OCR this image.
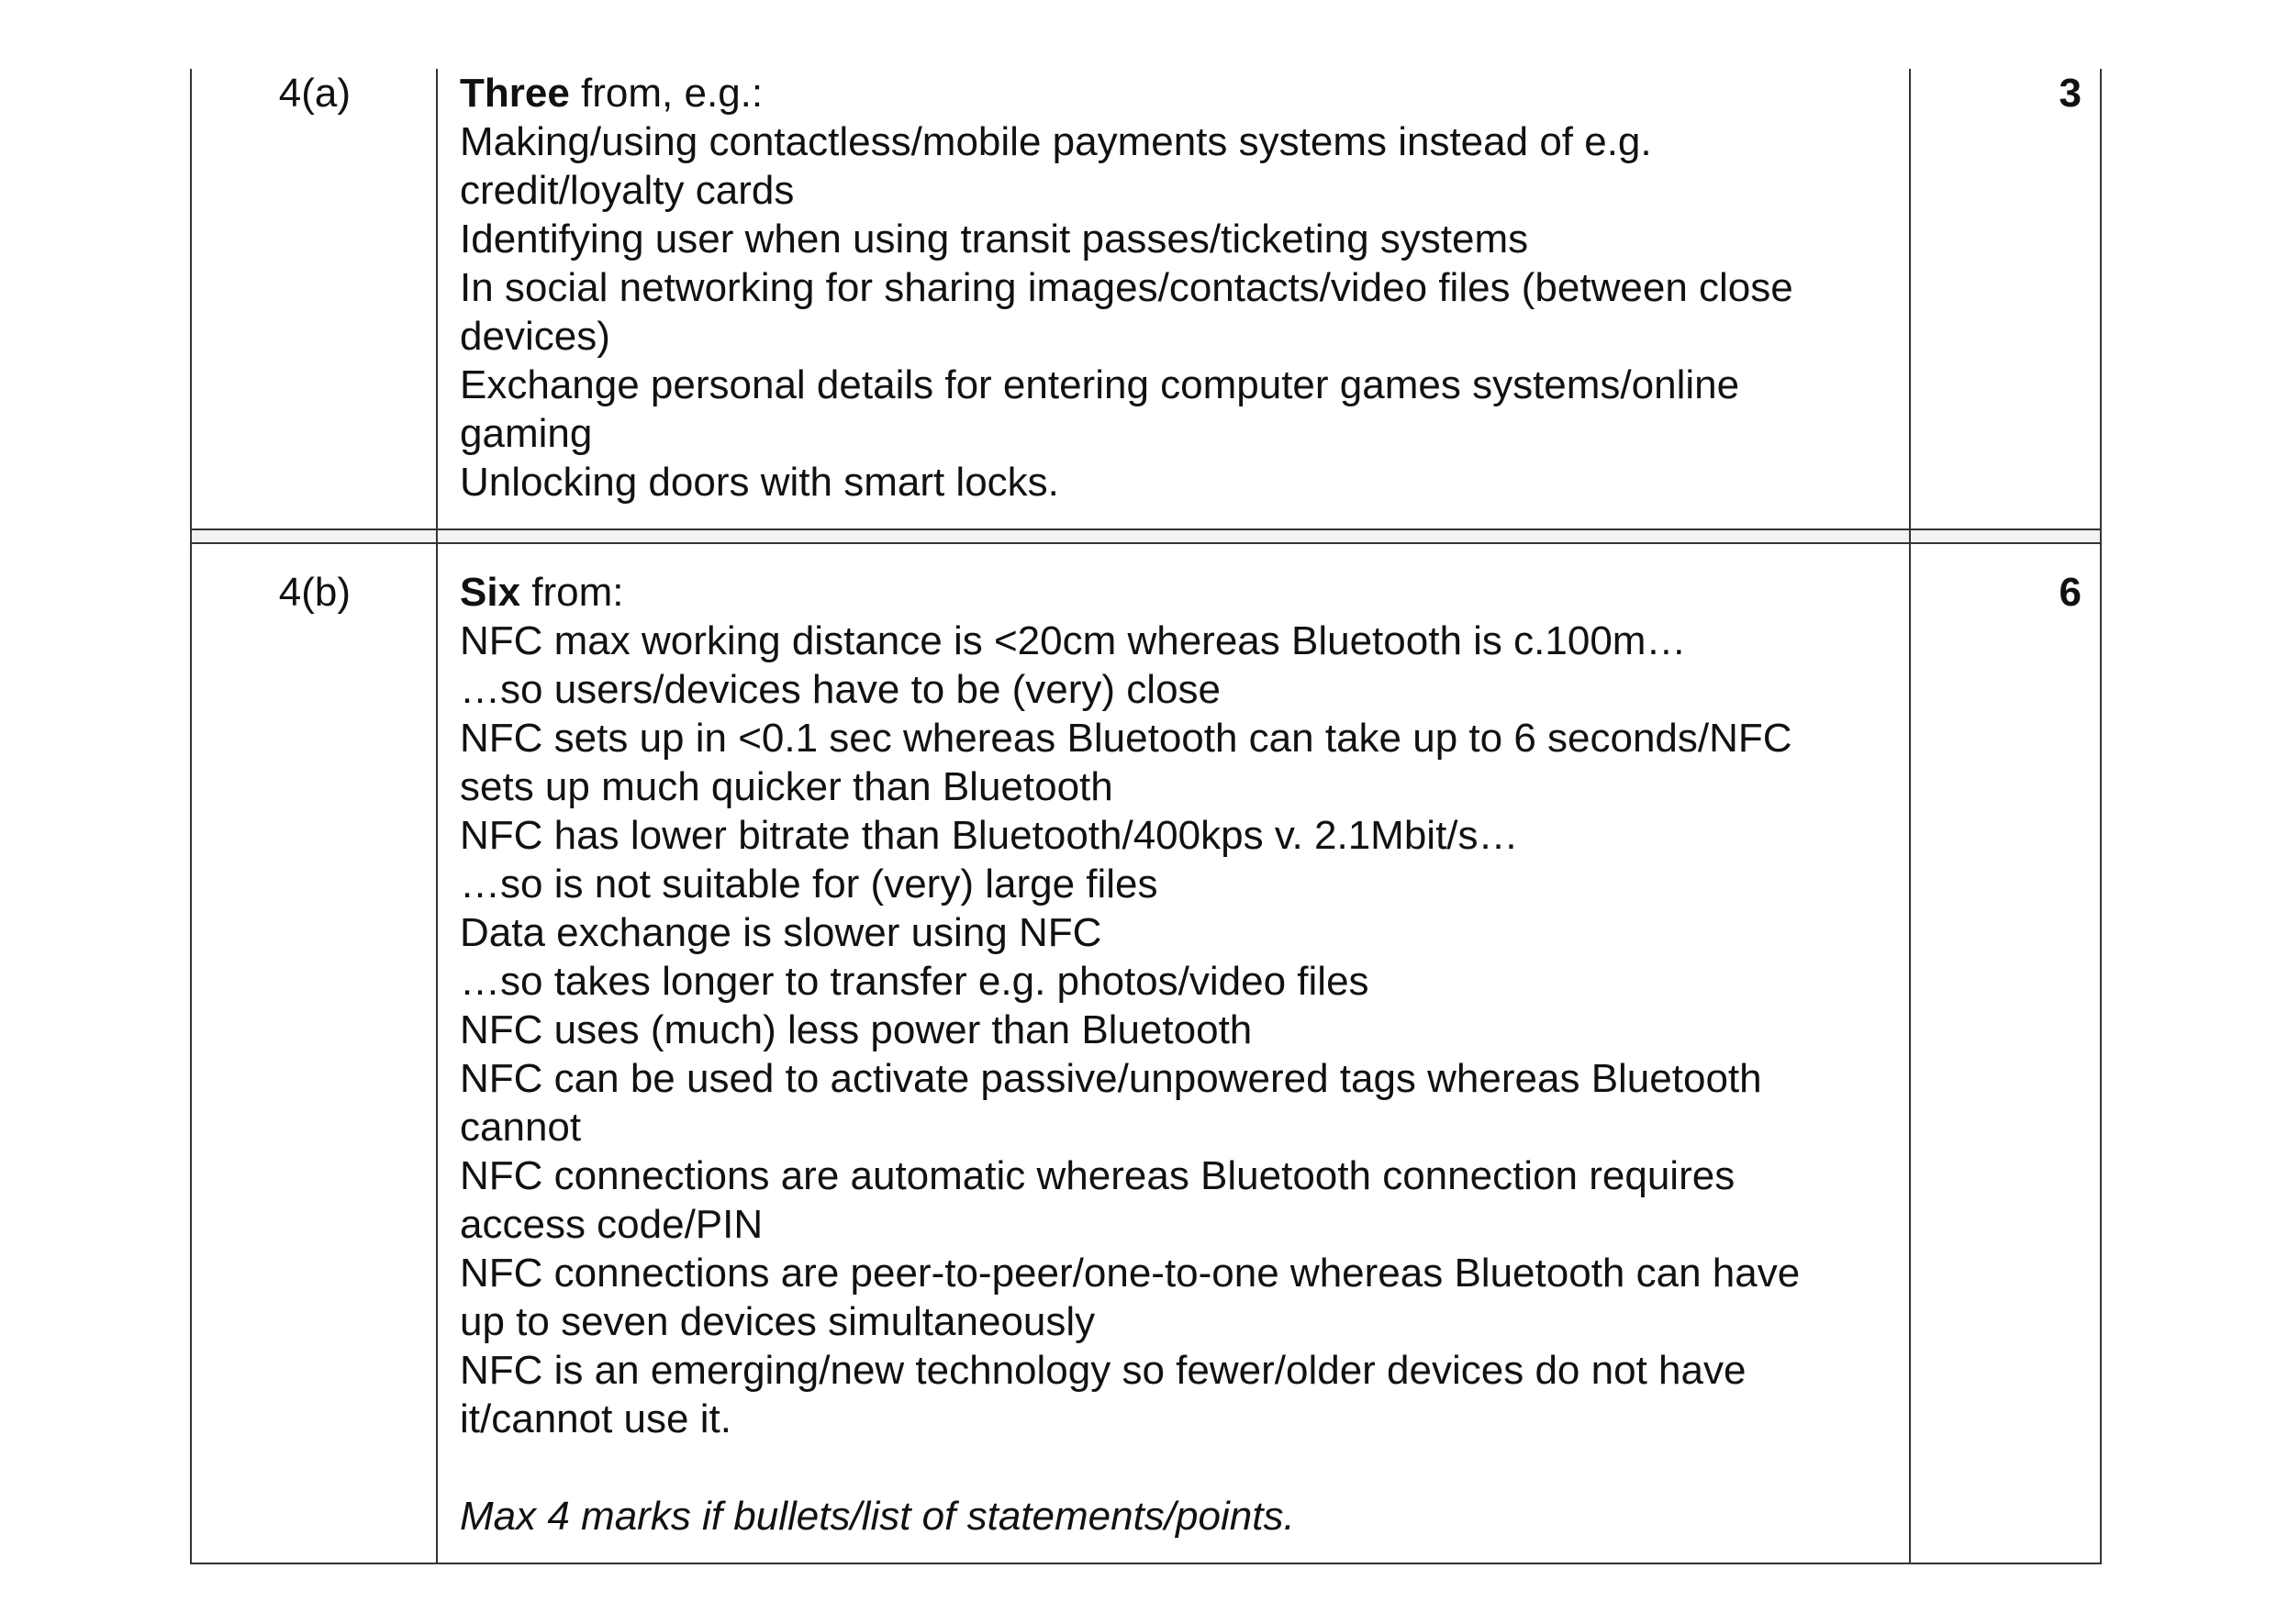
4(a)	Three from, e.g.:
Making/using contactless/mobile payments systems instead of e.g.
credit/loyalty cards
Identifying user when using transit passes/ticketing systems
In social networking for sharing images/contacts/video files (between close
devices)
Exchange personal details for entering computer games systems/online
gaming
Unlocking doors with smart locks.
3
4(b)	Six from:
NFC max working distance is <20cm whereas Bluetooth is c.100m…
…so users/devices have to be (very) close
NFC sets up in <0.1 sec whereas Bluetooth can take up to 6 seconds/NFC
sets up much quicker than Bluetooth
NFC has lower bitrate than Bluetooth/400kps v. 2.1Mbit/s…
…so is not suitable for (very) large files
Data exchange is slower using NFC
…so takes longer to transfer e.g. photos/video files
NFC uses (much) less power than Bluetooth
NFC can be used to activate passive/unpowered tags whereas Bluetooth
cannot
NFC connections are automatic whereas Bluetooth connection requires
access code/PIN
NFC connections are peer-to-peer/one-to-one whereas Bluetooth can have
up to seven devices simultaneously
NFC is an emerging/new technology so fewer/older devices do not have
it/cannot use it.
Max 4 marks if bullets/list of statements/points.
6
